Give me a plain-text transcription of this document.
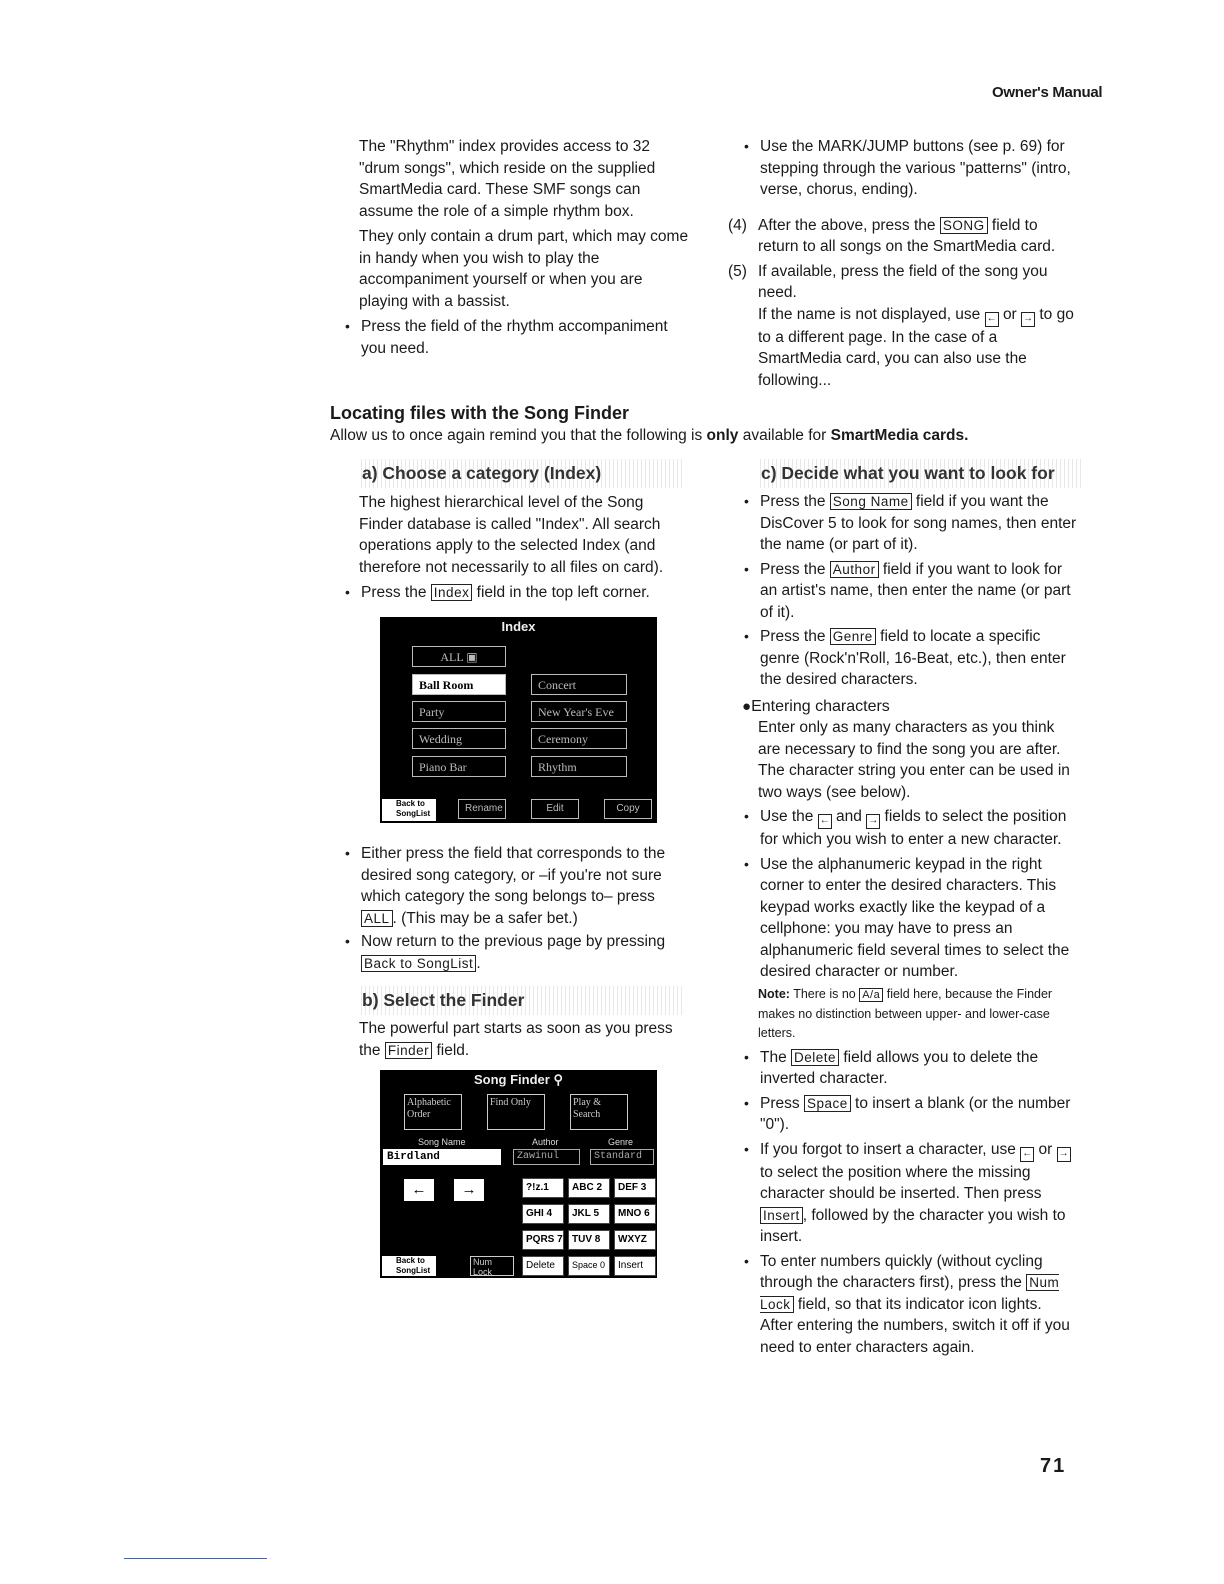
Owner's Manual

The "Rhythm" index provides access to 32 "drum songs", which reside on the supplied SmartMedia card. These SMF songs can assume the role of a simple rhythm box.

They only contain a drum part, which may come in handy when you wish to play the accompaniment yourself or when you are playing with a bassist.

• Press the field of the rhythm accompaniment you need.

• Use the MARK/JUMP buttons (see p. 69) for stepping through the various "patterns" (intro, verse, chorus, ending).

(4) After the above, press the SONG field to return to all songs on the SmartMedia card.

(5) If available, press the field of the song you need.

If the name is not displayed, use ← or → to go to a different page. In the case of a SmartMedia card, you can also use the following...

Locating files with the Song Finder
Allow us to once again remind you that the following is only available for SmartMedia cards.
a) Choose a category (Index)

The highest hierarchical level of the Song Finder database is called "Index". All search operations apply to the selected Index (and therefore not necessarily to all files on card).

• Press the Index field in the top left corner.

Index
ALL ▣
Ball Room
Party
Wedding
Piano Bar
Concert
New Year's Eve
Ceremony
Rhythm
Back to SongList	Rename	Edit	Copy

• Either press the field that corresponds to the desired song category, or –if you're not sure which category the song belongs to– press ALL . (This may be a safer bet.)

• Now return to the previous page by pressing Back to SongList .

b) Select the Finder

The powerful part starts as soon as you press the Finder field.

Song Finder ⚲
Alphabetic Order
Find Only	Play & Search
Song Name	Author	Genre
Birdland	Zawinul	Standard
←	→	?!z.1	ABC 2	DEF 3
GHI 4	JKL 5	MNO 6
PQRS 7 TUV 8	WXYZ
Back to SongList
Num Lock
Delete	Space 0	Insert
c) Decide what you want to look for

• Press the Song Name field if you want the DisCover 5 to look for song names, then enter the name (or part of it).

• Press the Author field if you want to look for an artist's name, then enter the name (or part of it).

• Press the Genre field to locate a specific genre (Rock'n'Roll, 16-Beat, etc.), then enter the desired characters.

●Entering characters

Enter only as many characters as you think are necessary to find the song you are after. The character string you enter can be used in two ways (see below).

• Use the ← and → fields to select the position for which you wish to enter a new character.

• Use the alphanumeric keypad in the right corner to enter the desired characters. This keypad works exactly like the keypad of a cellphone: you may have to press an alphanumeric field several times to select the desired character or number.

Note: There is no A/a field here, because the Finder makes no distinction between upper- and lower-case letters.

• The Delete field allows you to delete the inverted character.

• Press Space to insert a blank (or the number "0").

• If you forgot to insert a character, use ← or → to select the position where the missing character should be inserted. Then press Insert , followed by the character you wish to insert.

• To enter numbers quickly (without cycling through the characters first), press the Num Lock field, so that its indicator icon lights. After entering the numbers, switch it off if you need to enter characters again.

71
